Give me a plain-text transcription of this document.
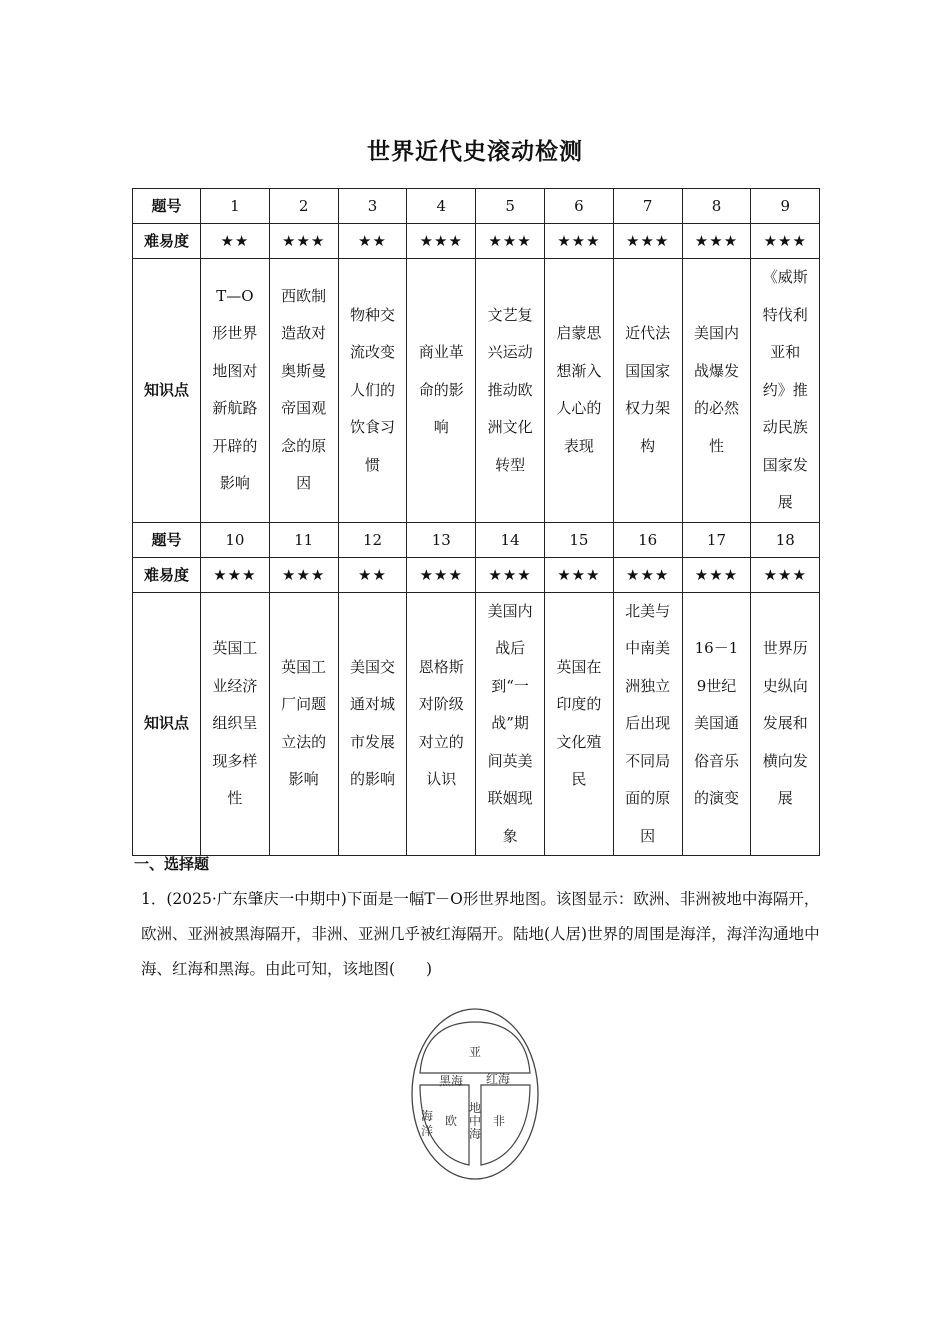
世界近代史滚动检测
题号	1	2	3	4	5	6	7	8	9
难易度	★★	★★★	★★	★★★	★★★	★★★	★★★	★★★	★★★
知识点	T—O形世界地图对新航路开辟的影响	西欧制造敌对奥斯曼帝国观念的原因	物种交流改变人们的饮食习惯	商业革命的影响	文艺复兴运动推动欧洲文化转型	启蒙思想渐入人心的表现	近代法国国家权力架构	美国内战爆发的必然性	《威斯特伐利亚和约》推动民族国家发展
题号	10	11	12	13	14	15	16	17	18
难易度	★★★	★★★	★★	★★★	★★★	★★★	★★★	★★★	★★★
知识点	英国工业经济组织呈现多样性	英国工厂问题立法的影响	美国交通对城市发展的影响	恩格斯对阶级对立的认识	美国内战后到“一战”期间英美联姻现象	英国在印度的文化殖民	北美与中南美洲独立后出现不同局面的原因	16－19世纪美国通俗音乐的演变	世界历史纵向发展和横向发展
一、选择题
1．(2025·广东肇庆一中期中)下面是一幅T－O形世界地图。该图显示：欧洲、非洲被地中海隔开，欧洲、亚洲被黑海隔开，非洲、亚洲几乎被红海隔开。陆地(人居)世界的周围是海洋，海洋沟通地中海、红海和黑海。由此可知，该地图(　　)
亚
黑海 红海
海
洋
欧	非
地
中
海
